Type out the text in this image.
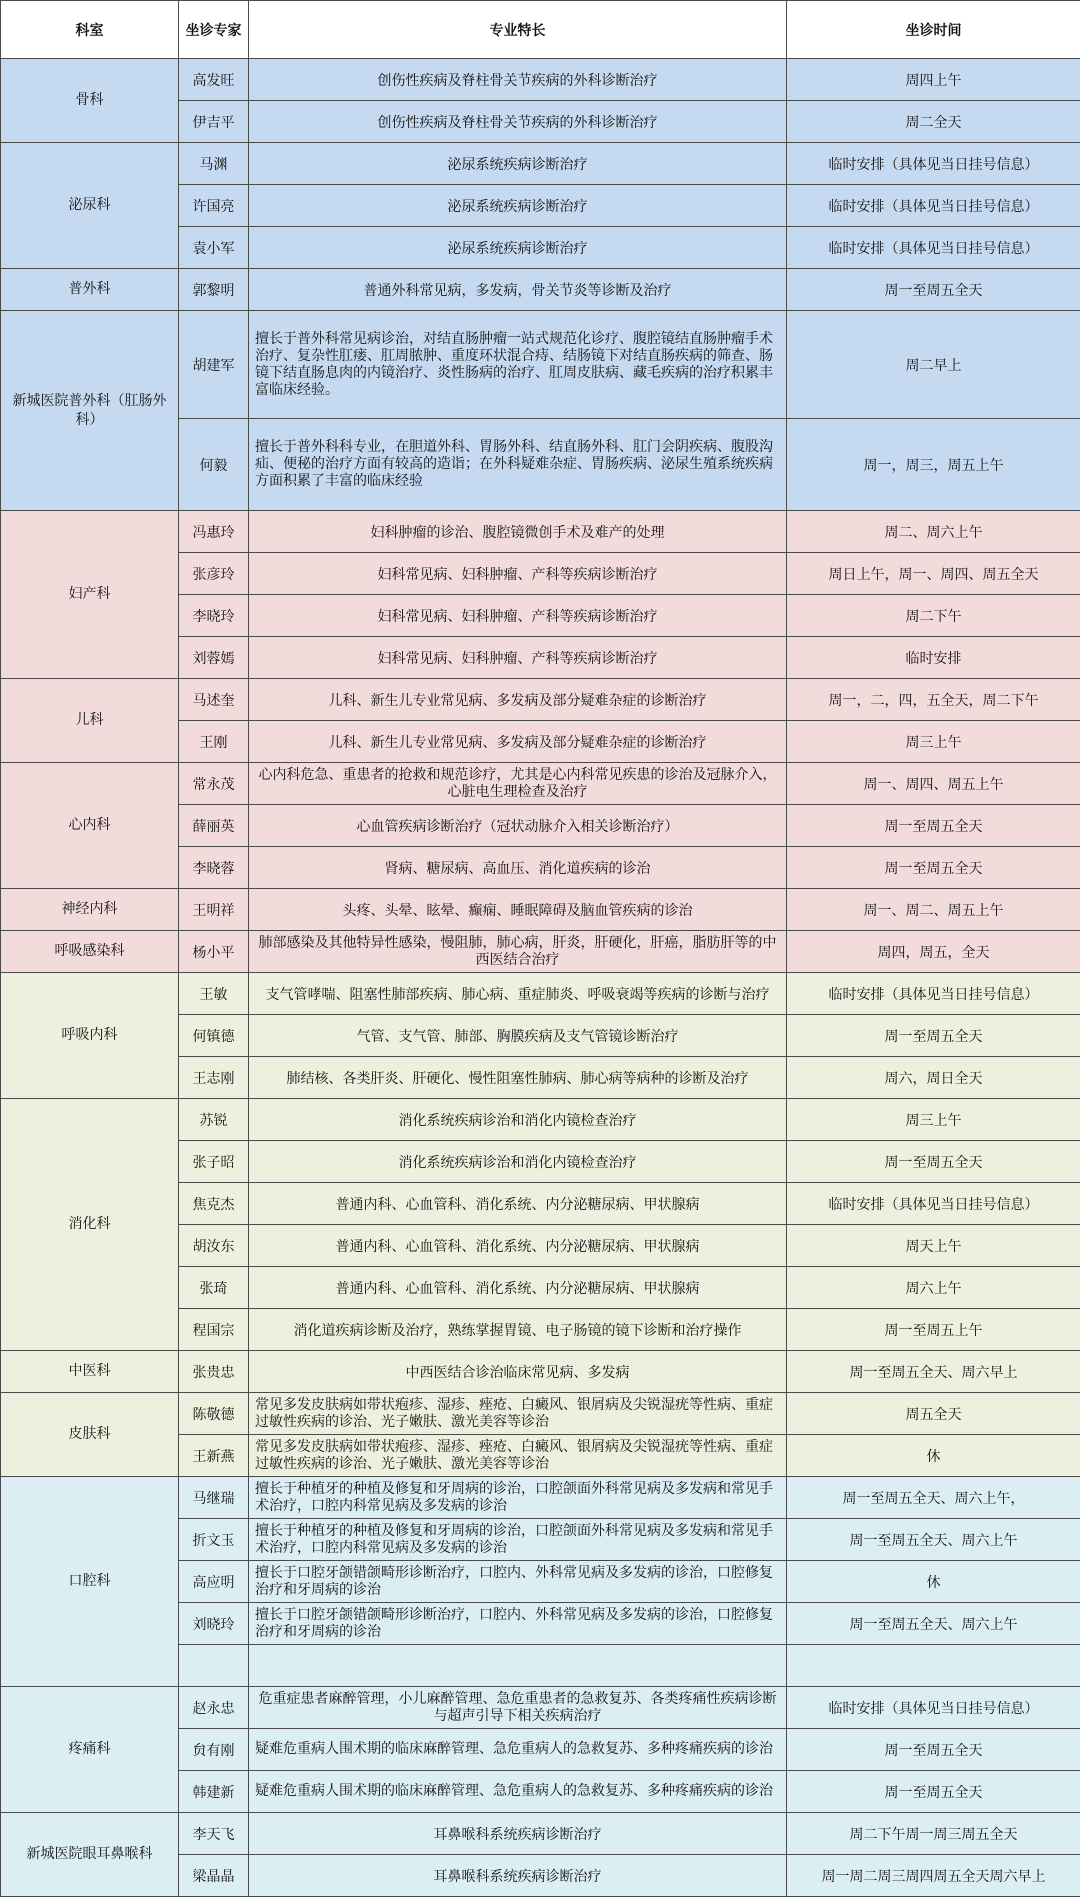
科室	坐诊专家	专业特长	坐诊时间
骨科	高发旺	创伤性疾病及脊柱骨关节疾病的外科诊断治疗	周四上午
	伊吉平	创伤性疾病及脊柱骨关节疾病的外科诊断治疗	周二全天
泌尿科	马渊	泌尿系统疾病诊断治疗	临时安排（具体见当日挂号信息）
	许国亮	泌尿系统疾病诊断治疗	临时安排（具体见当日挂号信息）
	袁小军	泌尿系统疾病诊断治疗	临时安排（具体见当日挂号信息）
普外科	郭黎明	普通外科常见病，多发病，骨关节炎等诊断及治疗	周一至周五全天
新城医院普外科（肛肠外科）	胡建军	擅长于普外科常见病诊治，对结直肠肿瘤一站式规范化诊疗、腹腔镜结直肠肿瘤手术治疗、复杂性肛瘘、肛周脓肿、重度环状混合痔、结肠镜下对结直肠疾病的筛查、肠镜下结直肠息肉的内镜治疗、炎性肠病的治疗、肛周皮肤病、藏毛疾病的治疗积累丰富临床经验。	周二早上
	何毅	擅长于普外科科专业，在胆道外科、胃肠外科、结直肠外科、肛门会阴疾病、腹股沟疝、便秘的治疗方面有较高的造诣；在外科疑难杂症、胃肠疾病、泌尿生殖系统疾病方面积累了丰富的临床经验	周一，周三，周五上午
妇产科	冯惠玲	妇科肿瘤的诊治、腹腔镜微创手术及难产的处理	周二、周六上午
	张彦玲	妇科常见病、妇科肿瘤、产科等疾病诊断治疗	周日上午，周一、周四、周五全天
	李晓玲	妇科常见病、妇科肿瘤、产科等疾病诊断治疗	周二下午
	刘蓉嫣	妇科常见病、妇科肿瘤、产科等疾病诊断治疗	临时安排
儿科	马述奎	儿科、新生儿专业常见病、多发病及部分疑难杂症的诊断治疗	周一，二，四，五全天，周二下午
	王刚	儿科、新生儿专业常见病、多发病及部分疑难杂症的诊断治疗	周三上午
心内科	常永茂	心内科危急、重患者的抢救和规范诊疗，尤其是心内科常见疾患的诊治及冠脉介入，心脏电生理检查及治疗	周一、周四、周五上午
	薛丽英	心血管疾病诊断治疗（冠状动脉介入相关诊断治疗）	周一至周五全天
	李晓蓉	肾病、糖尿病、高血压、消化道疾病的诊治	周一至周五全天
神经内科	王明祥	头疼、头晕、眩晕、癫痫、睡眠障碍及脑血管疾病的诊治	周一、周二、周五上午
呼吸感染科	杨小平	肺部感染及其他特异性感染，慢阻肺，肺心病，肝炎，肝硬化，肝癌，脂肪肝等的中西医结合治疗	周四，周五，全天
呼吸内科	王敏	支气管哮喘、阻塞性肺部疾病、肺心病、重症肺炎、呼吸衰竭等疾病的诊断与治疗	临时安排（具体见当日挂号信息）
	何镇德	气管、支气管、肺部、胸膜疾病及支气管镜诊断治疗	周一至周五全天
	王志刚	肺结核、各类肝炎、肝硬化、慢性阻塞性肺病、肺心病等病种的诊断及治疗	周六，周日全天
消化科	苏锐	消化系统疾病诊治和消化内镜检查治疗	周三上午
	张子昭	消化系统疾病诊治和消化内镜检查治疗	周一至周五全天
	焦克杰	普通内科、心血管科、消化系统、内分泌糖尿病、甲状腺病	临时安排（具体见当日挂号信息）
	胡汝东	普通内科、心血管科、消化系统、内分泌糖尿病、甲状腺病	周天上午
	张琦	普通内科、心血管科、消化系统、内分泌糖尿病、甲状腺病	周六上午
	程国宗	消化道疾病诊断及治疗，熟练掌握胃镜、电子肠镜的镜下诊断和治疗操作	周一至周五上午
中医科	张贵忠	中西医结合诊治临床常见病、多发病	周一至周五全天、周六早上
皮肤科	陈敬德	常见多发皮肤病如带状疱疹、湿疹、痤疮、白癜风、银屑病及尖锐湿疣等性病、重症过敏性疾病的诊治、光子嫩肤、激光美容等诊治	周五全天
	王新燕	常见多发皮肤病如带状疱疹、湿疹、痤疮、白癜风、银屑病及尖锐湿疣等性病、重症过敏性疾病的诊治、光子嫩肤、激光美容等诊治	休
口腔科	马继瑞	擅长于种植牙的种植及修复和牙周病的诊治，口腔颌面外科常见病及多发病和常见手术治疗，口腔内科常见病及多发病的诊治	周一至周五全天、周六上午，
	折文玉	擅长于种植牙的种植及修复和牙周病的诊治，口腔颌面外科常见病及多发病和常见手术治疗，口腔内科常见病及多发病的诊治	周一至周五全天、周六上午
	高应明	擅长于口腔牙颌错颌畸形诊断治疗，口腔内、外科常见病及多发病的诊治，口腔修复治疗和牙周病的诊治	休
	刘晓玲	擅长于口腔牙颌错颌畸形诊断治疗，口腔内、外科常见病及多发病的诊治，口腔修复治疗和牙周病的诊治	周一至周五全天、周六上午

疼痛科	赵永忠	危重症患者麻醉管理，小儿麻醉管理、急危重患者的急救复苏、各类疼痛性疾病诊断与超声引导下相关疾病治疗	临时安排（具体见当日挂号信息）
	贠有刚	疑难危重病人围术期的临床麻醉管理、急危重病人的急救复苏、多种疼痛疾病的诊治	周一至周五全天
	韩建新	疑难危重病人围术期的临床麻醉管理、急危重病人的急救复苏、多种疼痛疾病的诊治	周一至周五全天
新城医院眼耳鼻喉科	李天飞	耳鼻喉科系统疾病诊断治疗	周二下午周一周三周五全天
	梁晶晶	耳鼻喉科系统疾病诊断治疗	周一周二周三周四周五全天周六早上
